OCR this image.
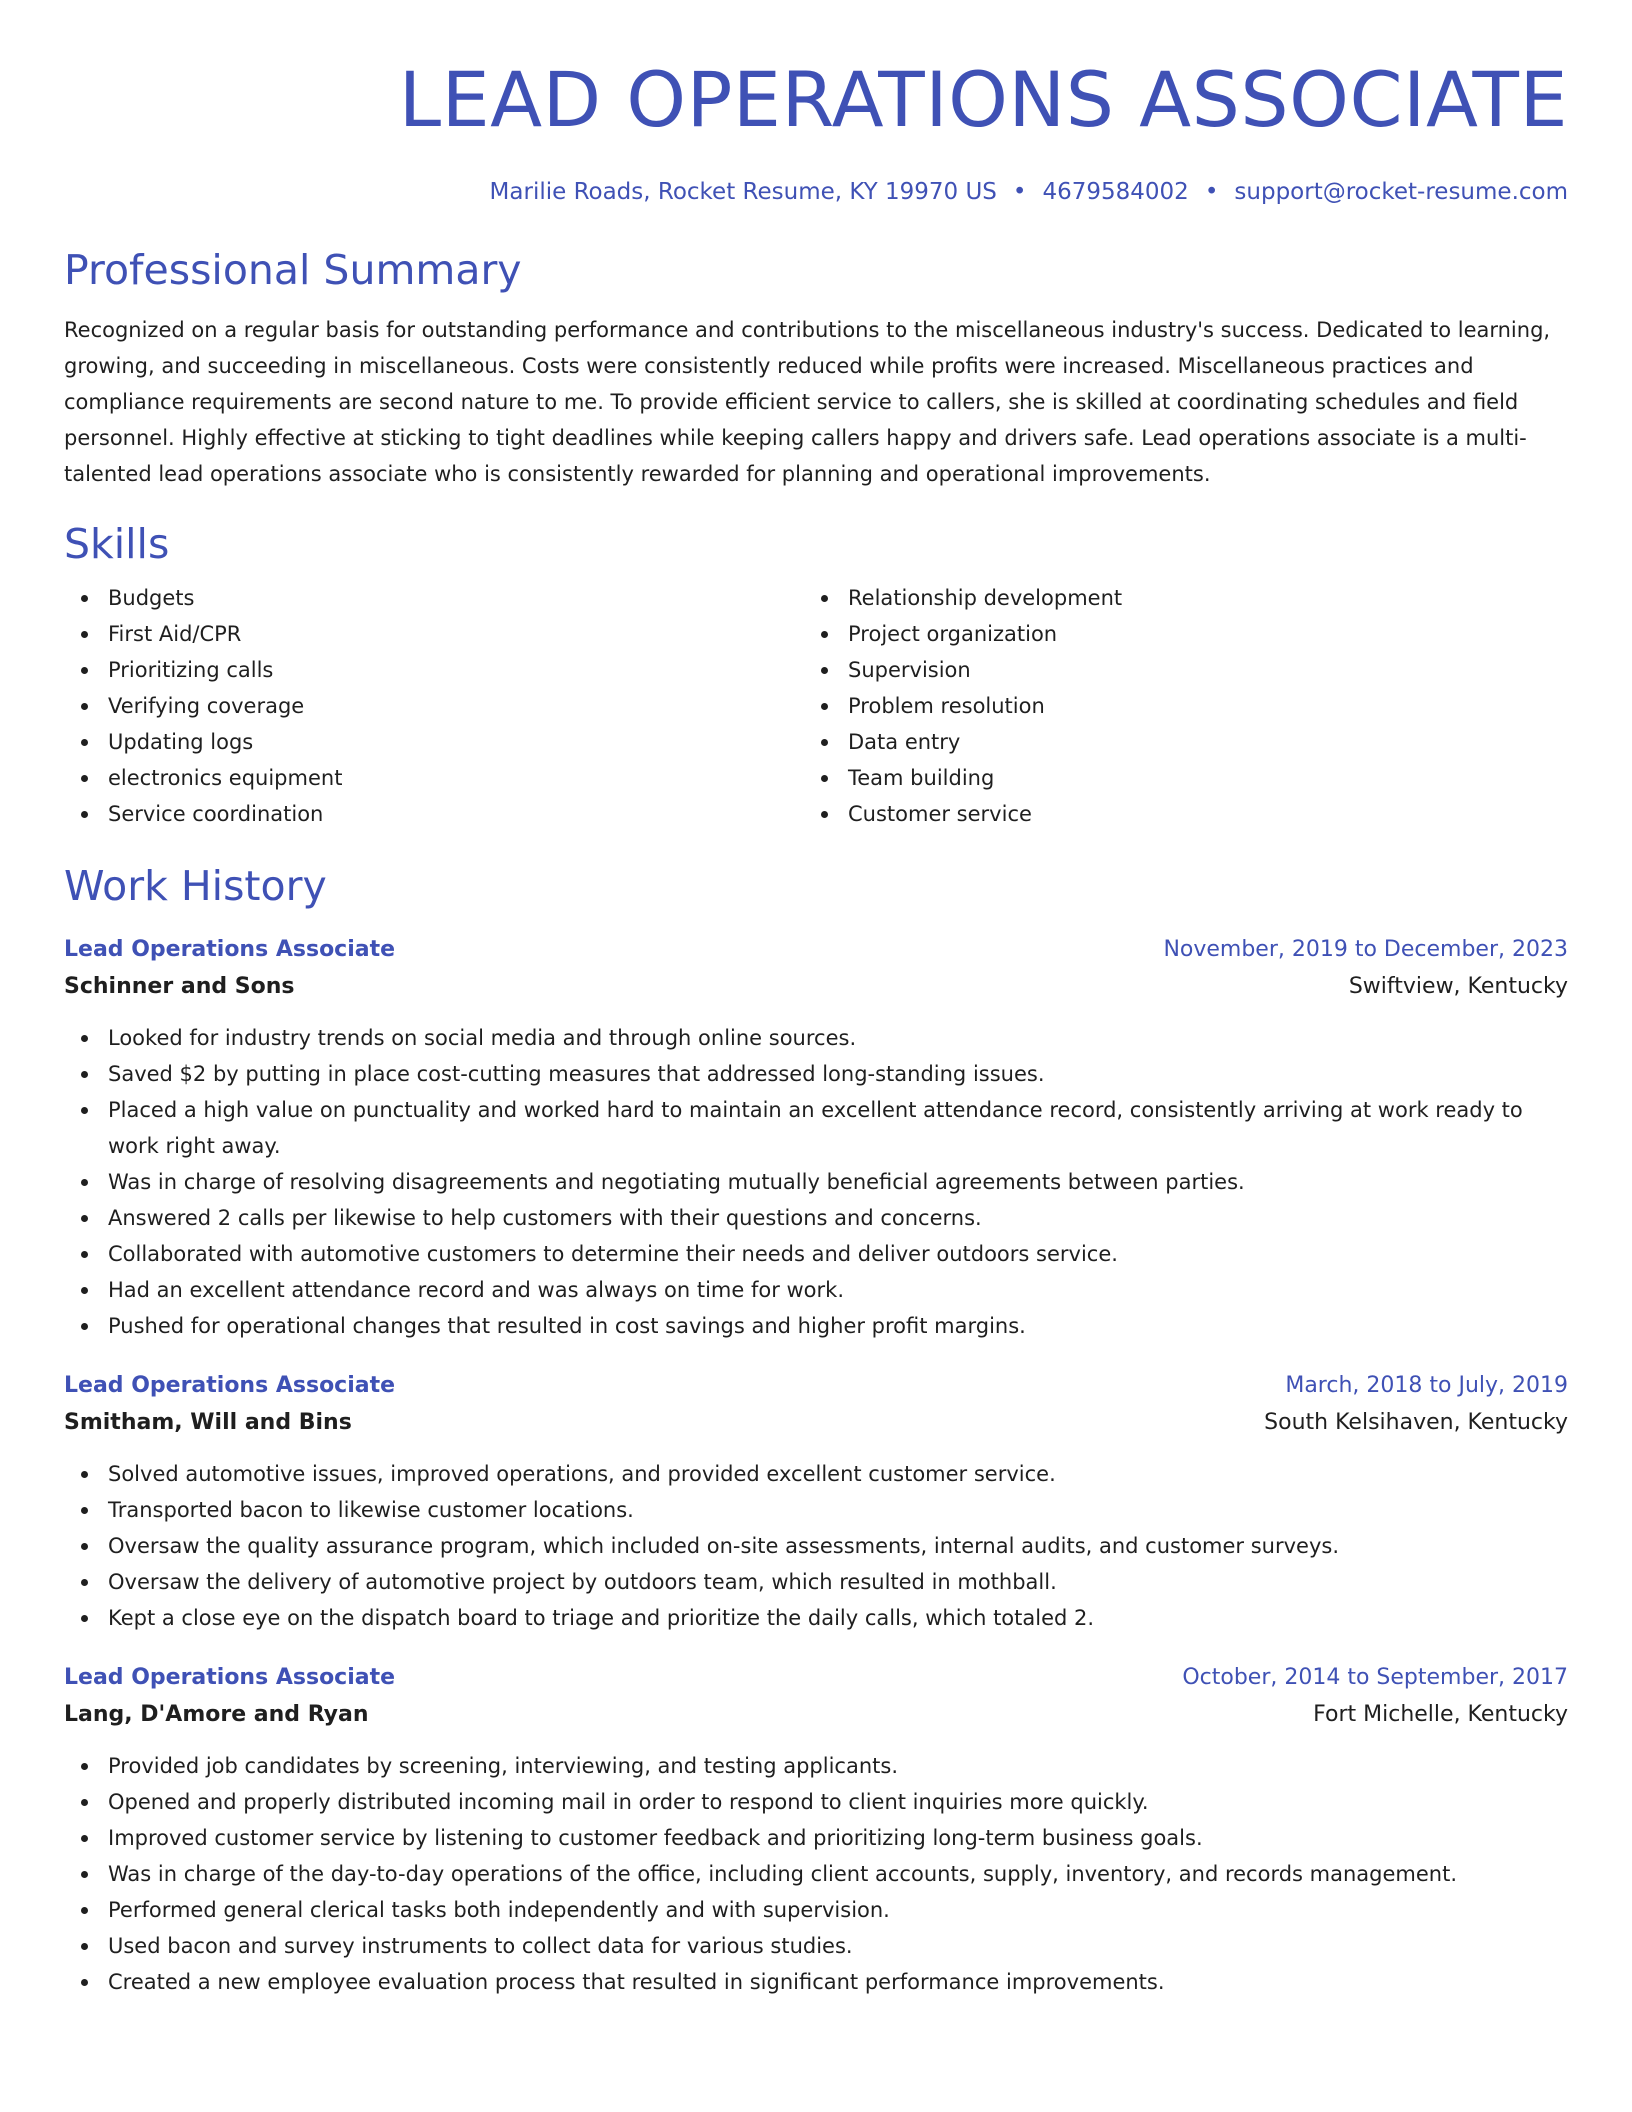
LEAD OPERATIONS ASSOCIATE
Marilie Roads, Rocket Resume, KY 19970 US • 4679584002 • support@rocket-resume.com
Professional Summary
Recognized on a regular basis for outstanding performance and contributions to the miscellaneous industry's success. Dedicated to learning, growing, and succeeding in miscellaneous. Costs were consistently reduced while profits were increased. Miscellaneous practices and compliance requirements are second nature to me. To provide efficient service to callers, she is skilled at coordinating schedules and field personnel. Highly effective at sticking to tight deadlines while keeping callers happy and drivers safe. Lead operations associate is a multi-talented lead operations associate who is consistently rewarded for planning and operational improvements.
Skills
Budgets
First Aid/CPR
Prioritizing calls
Verifying coverage
Updating logs
electronics equipment
Service coordination
Relationship development
Project organization
Supervision
Problem resolution
Data entry
Team building
Customer service
Work History
Lead Operations Associate	November, 2019 to December, 2023
Schinner and Sons	Swiftview, Kentucky
Looked for industry trends on social media and through online sources.
Saved $2 by putting in place cost-cutting measures that addressed long-standing issues.
Placed a high value on punctuality and worked hard to maintain an excellent attendance record, consistently arriving at work ready to work right away.
Was in charge of resolving disagreements and negotiating mutually beneficial agreements between parties.
Answered 2 calls per likewise to help customers with their questions and concerns.
Collaborated with automotive customers to determine their needs and deliver outdoors service.
Had an excellent attendance record and was always on time for work.
Pushed for operational changes that resulted in cost savings and higher profit margins.
Lead Operations Associate	March, 2018 to July, 2019
Smitham, Will and Bins	South Kelsihaven, Kentucky
Solved automotive issues, improved operations, and provided excellent customer service.
Transported bacon to likewise customer locations.
Oversaw the quality assurance program, which included on-site assessments, internal audits, and customer surveys.
Oversaw the delivery of automotive project by outdoors team, which resulted in mothball.
Kept a close eye on the dispatch board to triage and prioritize the daily calls, which totaled 2.
Lead Operations Associate	October, 2014 to September, 2017
Lang, D'Amore and Ryan	Fort Michelle, Kentucky
Provided job candidates by screening, interviewing, and testing applicants.
Opened and properly distributed incoming mail in order to respond to client inquiries more quickly.
Improved customer service by listening to customer feedback and prioritizing long-term business goals.
Was in charge of the day-to-day operations of the office, including client accounts, supply, inventory, and records management.
Performed general clerical tasks both independently and with supervision.
Used bacon and survey instruments to collect data for various studies.
Created a new employee evaluation process that resulted in significant performance improvements.
